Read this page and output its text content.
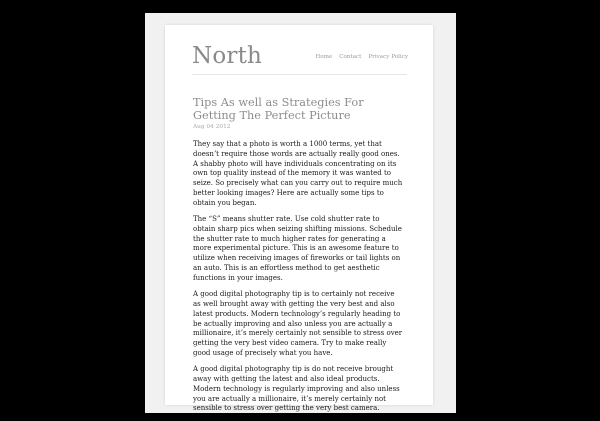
North	Home Contact Privacy Policy
Tips As well as Strategies For Getting The Perfect Picture
Aug 04 2012

They say that a photo is worth a 1000 terms, yet that doesn’t require those words are actually really good ones. A shabby photo will have individuals concentrating on its own top quality instead of the memory it was wanted to seize. So precisely what can you carry out to require much better looking images? Here are actually some tips to obtain you began.

The “S” means shutter rate. Use cold shutter rate to obtain sharp pics when seizing shifting missions. Schedule the shutter rate to much higher rates for generating a more experimental picture. This is an awesome feature to utilize when receiving images of fireworks or tail lights on an auto. This is an effortless method to get aesthetic functions in your images.

A good digital photography tip is to certainly not receive as well brought away with getting the very best and also latest products. Modern technology’s regularly heading to be actually improving and also unless you are actually a millionaire, it’s merely certainly not sensible to stress over getting the very best video camera. Try to make really good usage of precisely what you have.

A good digital photography tip is do not receive brought away with getting the latest and also ideal products. Modern technology is regularly improving and also unless you are actually a millionaire, it’s merely certainly not sensible to stress over getting the very best camera.
